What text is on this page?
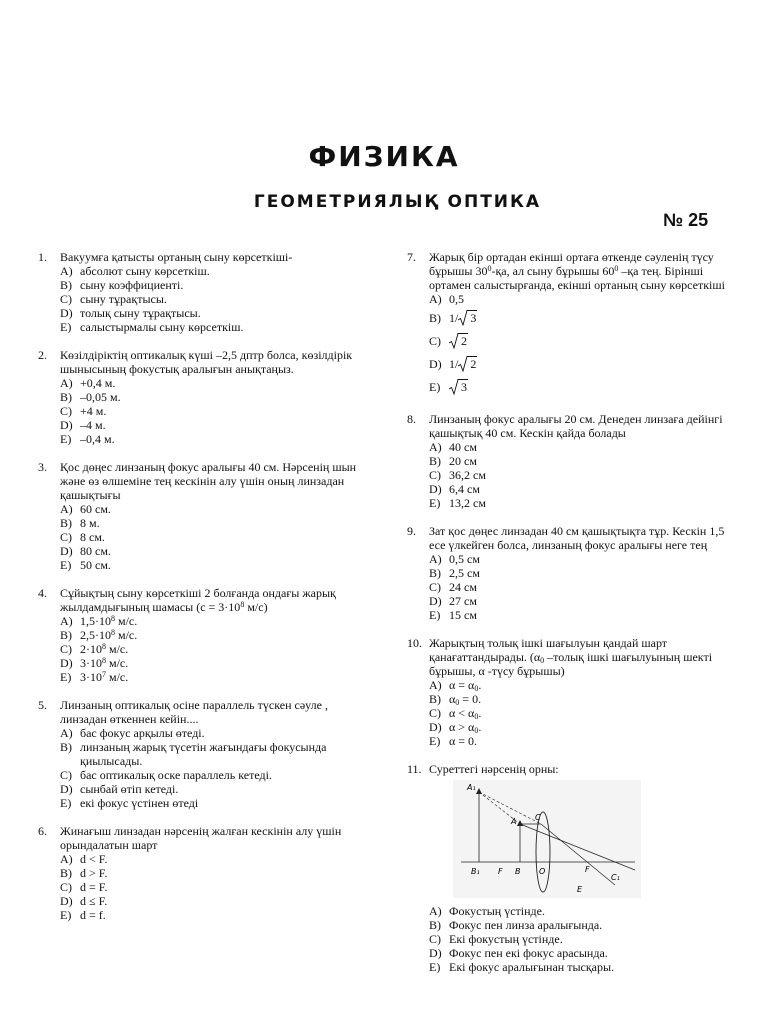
ФИЗИКА
ГЕОМЕТРИЯЛЫҚ ОПТИКА
№ 25
1. Вакуумға қатысты ортаның сыну көрсеткіші-
A) абсолют сыну көрсеткіш.
B) сыну коэффициенті.
C) сыну тұрақтысы.
D) толық сыну тұрақтысы.
E) салыстырмалы сыну көрсеткіш.
2. Көзілдіріктің оптикалық күші –2,5 дптр болса, көзілдірік шынысының фокустық аралығын анықтаңыз.
A) +0,4 м.
B) –0,05 м.
C) +4 м.
D) –4 м.
E) –0,4 м.
3. Қос дөңес линзаның фокус аралығы 40 см. Нәрсенің шын және өз өлшеміне тең кескінін алу үшін оның линзадан қашықтығы
A) 60 см.
B) 8 м.
C) 8 см.
D) 80 см.
E) 50 см.
4. Сұйықтың сыну көрсеткіші 2 болғанда ондағы жарық жылдамдығының шамасы ($c = 3\cdot 10^8$ м/с)
A) $1,5\cdot 10^8$ м/с.
B) $2,5\cdot 10^8$ м/с.
C) $2\cdot 10^8$ м/с.
D) $3\cdot 10^8$ м/с.
E) $3\cdot 10^7$ м/с.
5. Линзаның оптикалық осіне параллель түскен сәуле , линзадан өткеннен кейін....
A) бас фокус арқылы өтеді.
B) линзаның жарық түсетін жағындағы фокусында қиылысады.
C) бас оптикалық оске параллель кетеді.
D) сынбай өтіп кетеді.
E) екі фокус үстінен өтеді
6. Жинағыш линзадан нәрсенің жалған кескінін алу үшін орындалатын шарт
A) d < F.
B) d > F.
C) d = F.
D) d ≤ F.
E) d = f.
7. Жарық бір ортадан екінші ортаға өткенде сәуленің түсу бұрышы $30^0-қа$, ал сыну бұрышы $60^0$ –қа тең. Бірінші ортамен салыстырғанда, екінші ортаның сыну көрсеткіші
A) 0,5
B) 1/ 3
C)	2
D) 1/ 2
E)	3
8. Линзаның фокус аралығы 20 см. Денеден линзаға дейінгі қашықтық 40 см. Кескін қайда болады
A) 40 см
B) 20 см
C) 36,2 см
D) 6,4 см
E) 13,2 см
9. Зат қос дөңес линзадан 40 см қашықтықта тұр. Кескін 1,5 есе үлкейген болса, линзаның фокус аралығы неге тең
A) 0,5 см
B) 2,5 см
C) 24 см
D) 27 см
E) 15 см
10. Жарықтың толық ішкі шағылуын қандай шарт қанағаттандырады. ($\alpha_0$ –толық ішкі шағылуының шекті бұрышы, α -түсу бұрышы)
A) $\alpha = \alpha_0$.
B) $\alpha_0 = 0$.
C) $\alpha < \alpha_0$.
D) $\alpha > \alpha_0$.
E) α = 0.
11. Суреттегі нәрсенің орны:
A₁
A C
B₁ F B O	F
C₁
E
A) Фокустың үстінде.
B) Фокус пен линза аралығында.
C) Екі фокустың үстінде.
D) Фокус пен екі фокус арасында.
E) Екі фокус аралығынан тысқары.
